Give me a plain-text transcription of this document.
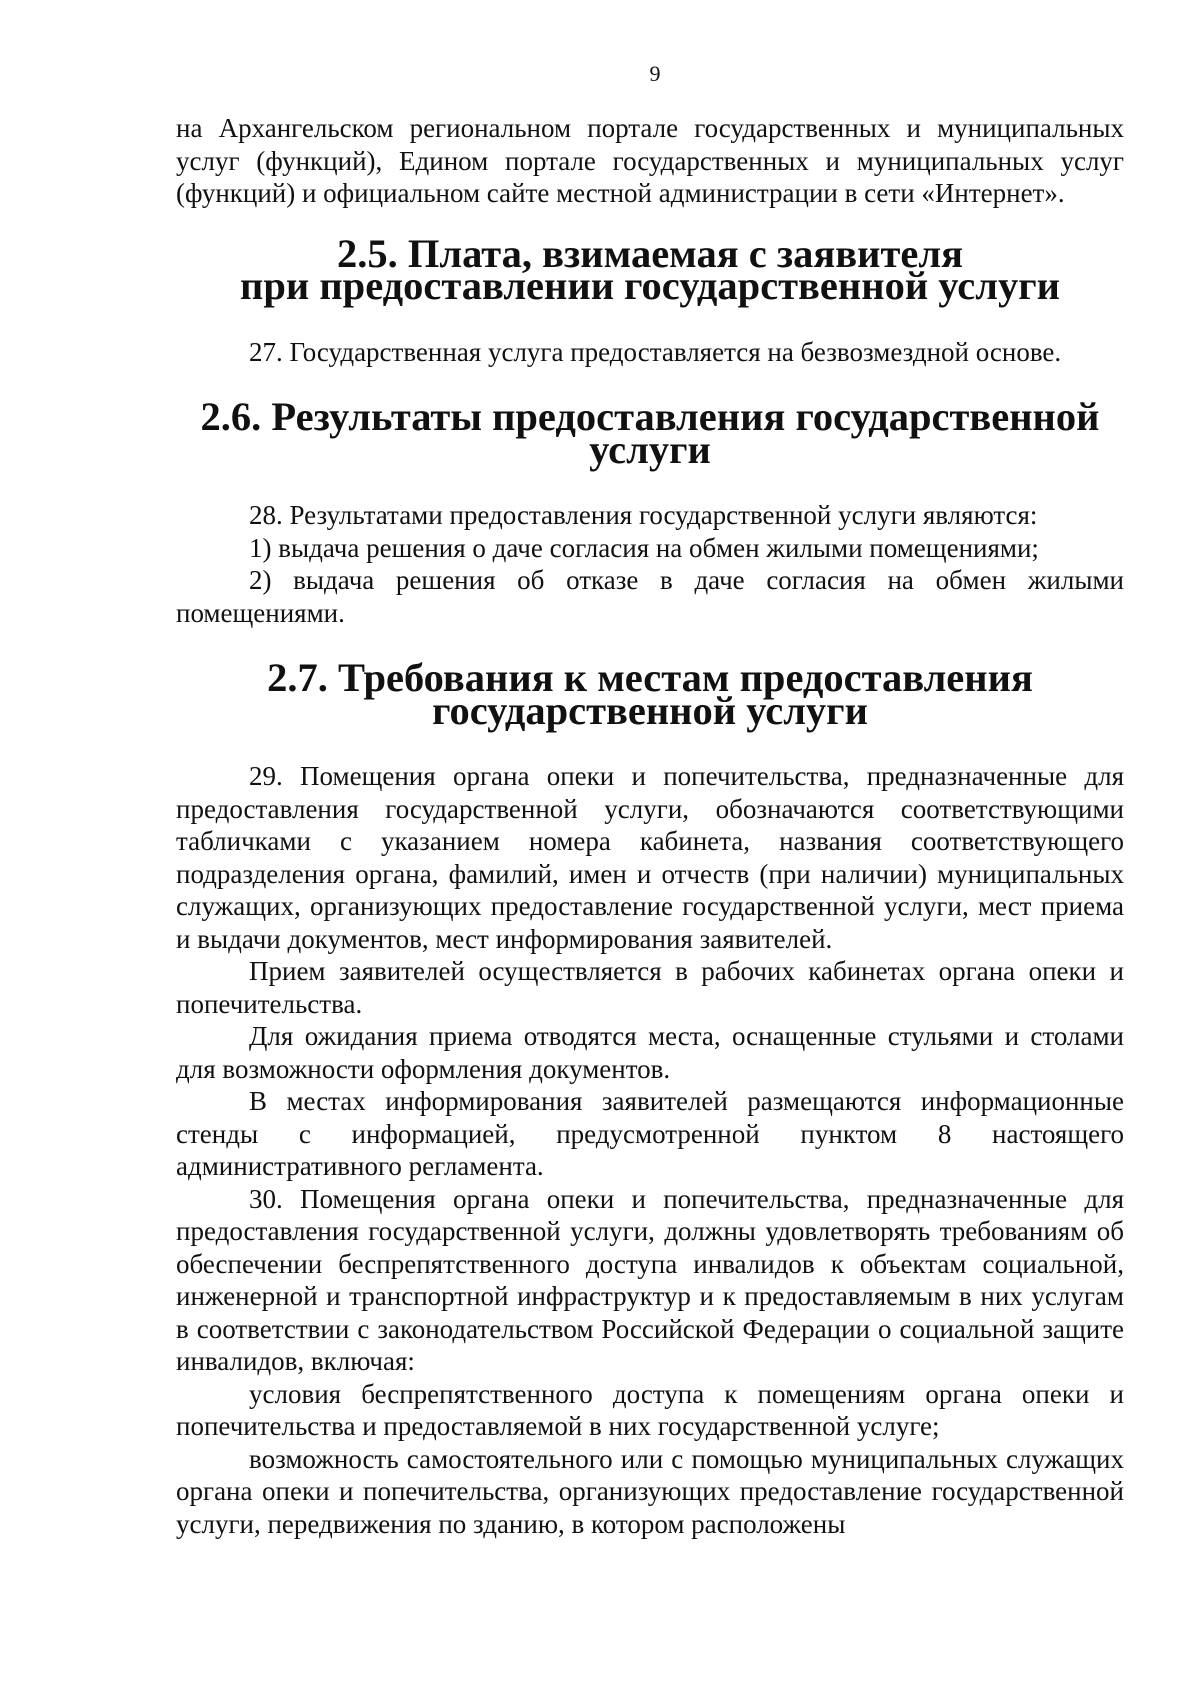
9

на Архангельском региональном портале государственных и муниципальных услуг (функций), Едином портале государственных и муниципальных услуг (функций) и официальном сайте местной администрации в сети «Интернет».

2.5. Плата, взимаемая с заявителя
при предоставлении государственной услуги

27. Государственная услуга предоставляется на безвозмездной основе.

2.6. Результаты предоставления государственной услуги

28. Результатами предоставления государственной услуги являются:

1) выдача решения о даче согласия на обмен жилыми помещениями;

2) выдача решения об отказе в даче согласия на обмен жилыми помещениями.

2.7. Требования к местам предоставления
государственной услуги

29. Помещения органа опеки и попечительства, предназначенные для предоставления государственной услуги, обозначаются соответствующими табличками с указанием номера кабинета, названия соответствующего подразделения органа, фамилий, имен и отчеств (при наличии) муниципальных служащих, организующих предоставление государственной услуги, мест приема и выдачи документов, мест информирования заявителей.

Прием заявителей осуществляется в рабочих кабинетах органа опеки и попечительства.

Для ожидания приема отводятся места, оснащенные стульями и столами для возможности оформления документов.

В местах информирования заявителей размещаются информационные стенды с информацией, предусмотренной пунктом 8 настоящего административного регламента.

30. Помещения органа опеки и попечительства, предназначенные для предоставления государственной услуги, должны удовлетворять требованиям об обеспечении беспрепятственного доступа инвалидов к объектам социальной, инженерной и транспортной инфраструктур и к предоставляемым в них услугам в соответствии с законодательством Российской Федерации о социальной защите инвалидов, включая:

условия беспрепятственного доступа к помещениям органа опеки и попечительства и предоставляемой в них государственной услуге;

возможность самостоятельного или с помощью муниципальных служащих органа опеки и попечительства, организующих предоставление государственной услуги, передвижения по зданию, в котором расположены
